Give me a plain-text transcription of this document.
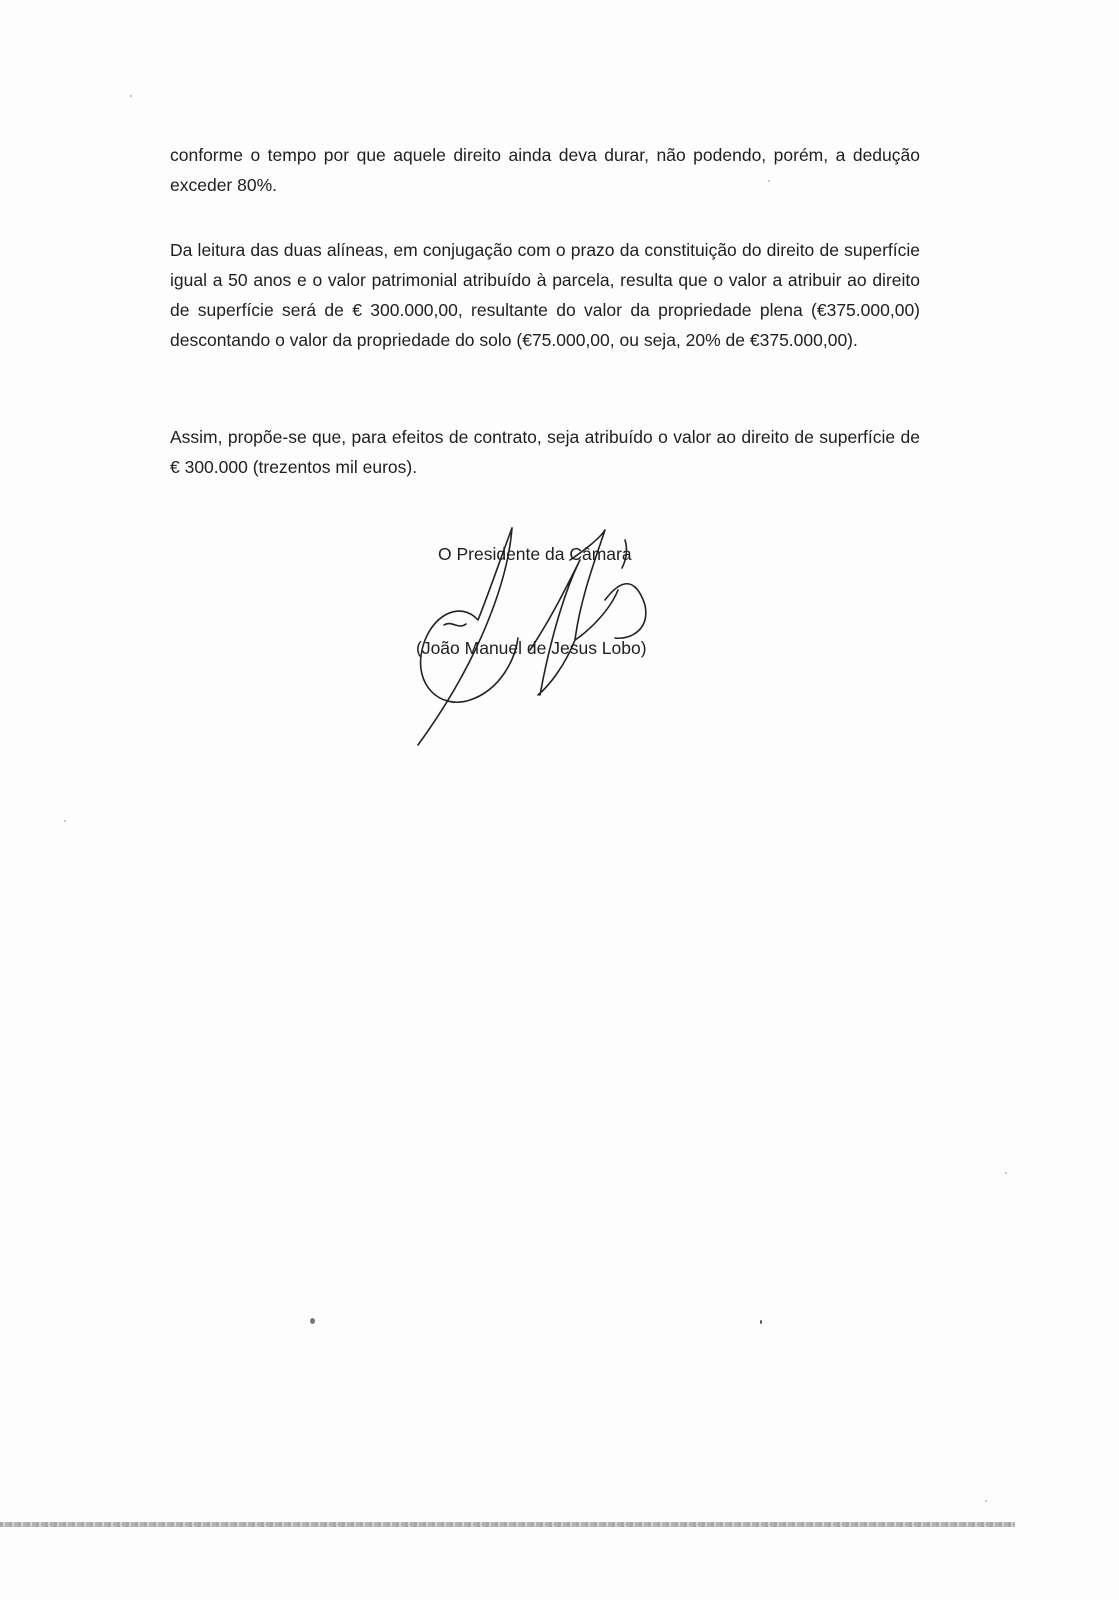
conforme o tempo por que aquele direito ainda deva durar, não podendo, porém, a dedução exceder 80%.

Da leitura das duas alíneas, em conjugação com o prazo da constituição do direito de superfície igual a 50 anos e o valor patrimonial atribuído à parcela, resulta que o valor a atribuir ao direito de superfície será de € 300.000,00, resultante do valor da propriedade plena (€375.000,00) descontando o valor da propriedade do solo (€75.000,00, ou seja, 20% de €375.000,00).

Assim, propõe-se que, para efeitos de contrato, seja atribuído o valor ao direito de superfície de € 300.000 (trezentos mil euros).

O Presidente da Câmara
(João Manuel de Jesus Lobo)
